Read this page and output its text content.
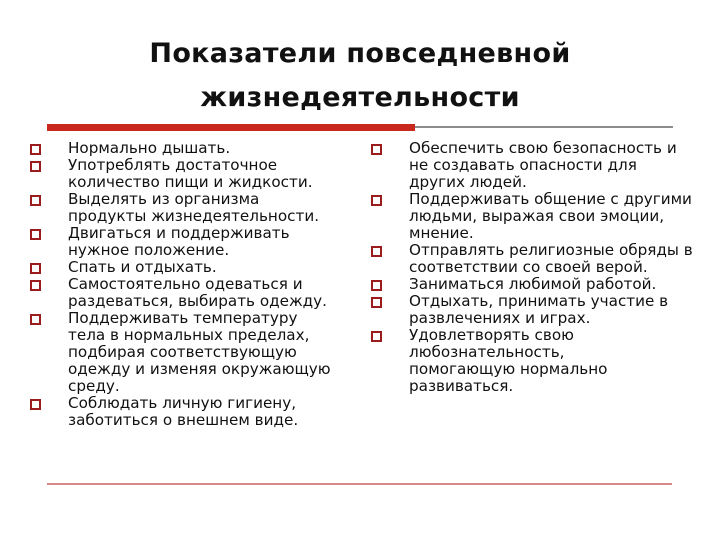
Показатели повседневной
жизнедеятельности
Нормально дышать.
Употреблять достаточное количество пищи и жидкости.
Выделять из организма продукты жизнедеятельности.
Двигаться и поддерживать нужное положение.
Спать и отдыхать.
Самостоятельно одеваться и раздеваться, выбирать одежду.
Поддерживать температуру тела в нормальных пределах, подбирая соответствующую одежду и изменяя окружающую среду.
Соблюдать личную гигиену, заботиться о внешнем виде.
Обеспечить свою безопасность и не создавать опасности для других людей.
Поддерживать общение с другими людьми, выражая свои эмоции, мнение.
Отправлять религиозные обряды в соответствии со своей верой.
Заниматься любимой работой.
Отдыхать, принимать участие в развлечениях и играх.
Удовлетворять свою любознательность, помогающую нормально развиваться.
